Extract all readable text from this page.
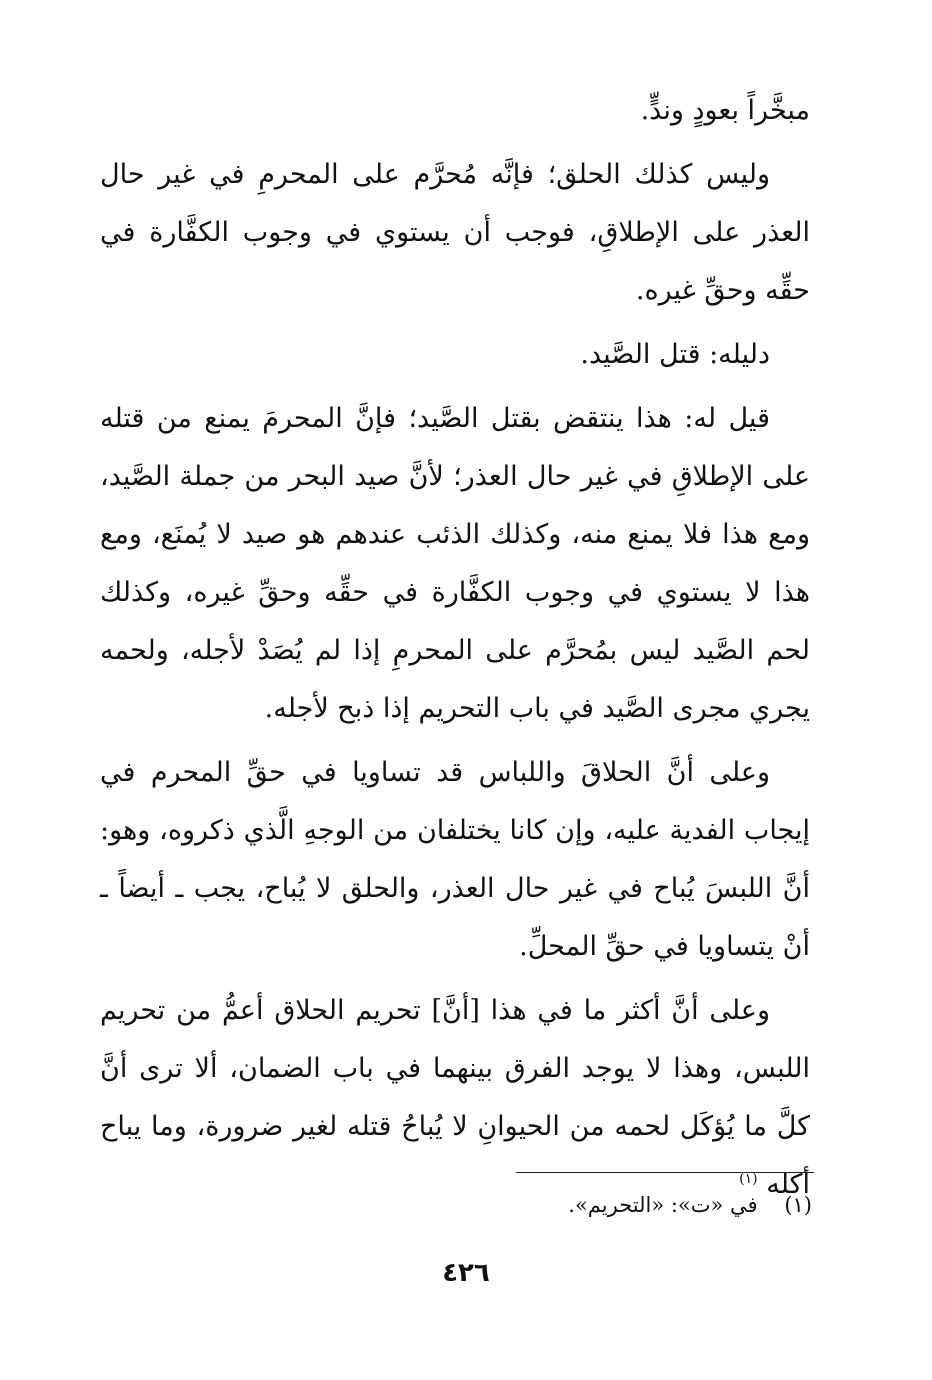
مبخَّراً بعودٍ وندٍّ.

وليس كذلك الحلق؛ فإنَّه مُحرَّم على المحرمِ في غير حال العذر على الإطلاقِ، فوجب أن يستوي في وجوب الكفَّارة في حقِّه وحقِّ غيره.

دليله: قتل الصَّيد.

قيل له: هذا ينتقض بقتل الصَّيد؛ فإنَّ المحرمَ يمنع من قتله على الإطلاقِ في غير حال العذر؛ لأنَّ صيد البحر من جملة الصَّيد، ومع هذا فلا يمنع منه، وكذلك الذئب عندهم هو صيد لا يُمنَع، ومع هذا لا يستوي في وجوب الكفَّارة في حقِّه وحقِّ غيره، وكذلك لحم الصَّيد ليس بمُحرَّم على المحرمِ إذا لم يُصَدْ لأجله، ولحمه يجري مجرى الصَّيد في باب التحريم إذا ذبح لأجله.

وعلى أنَّ الحلاقَ واللباس قد تساويا في حقِّ المحرم في إيجاب الفدية عليه، وإن كانا يختلفان من الوجهِ الَّذي ذكروه، وهو: أنَّ اللبسَ يُباح في غير حال العذر، والحلق لا يُباح، يجب ـ أيضاً ـ أنْ يتساويا في حقِّ المحلِّ.

وعلى أنَّ أكثر ما في هذا [أنَّ] تحريم الحلاق أعمُّ من تحريم اللبس، وهذا لا يوجد الفرق بينهما في باب الضمان، ألا ترى أنَّ كلَّ ما يُؤكَل لحمه من الحيوانِ لا يُباحُ قتله لغير ضرورة، وما يباح أكله $^{(١)}$

(١)    في «ت»: «التحريم».
٤٢٦
